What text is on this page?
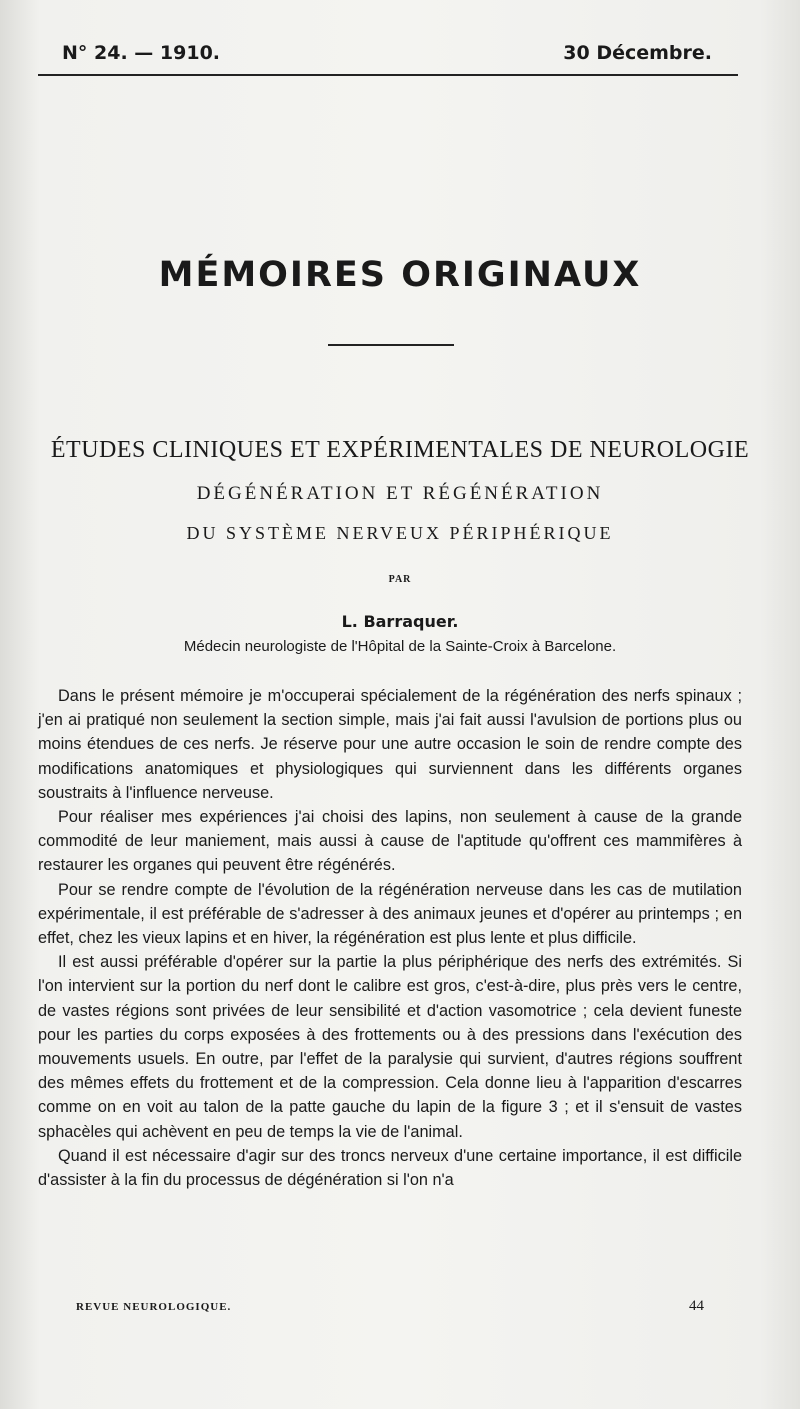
N° 24. — 1910.	30 Décembre.
MÉMOIRES ORIGINAUX
ÉTUDES CLINIQUES ET EXPÉRIMENTALES DE NEUROLOGIE
DÉGÉNÉRATION ET RÉGÉNÉRATION
DU SYSTÈME NERVEUX PÉRIPHÉRIQUE
PAR
L. Barraquer.
Médecin neurologiste de l'Hôpital de la Sainte-Croix à Barcelone.

Dans le présent mémoire je m'occuperai spécialement de la régénération des nerfs spinaux ; j'en ai pratiqué non seulement la section simple, mais j'ai fait aussi l'avulsion de portions plus ou moins étendues de ces nerfs. Je réserve pour une autre occasion le soin de rendre compte des modifications anatomiques et physiologiques qui surviennent dans les différents organes soustraits à l'influence nerveuse.

Pour réaliser mes expériences j'ai choisi des lapins, non seulement à cause de la grande commodité de leur maniement, mais aussi à cause de l'aptitude qu'offrent ces mammifères à restaurer les organes qui peuvent être régénérés.

Pour se rendre compte de l'évolution de la régénération nerveuse dans les cas de mutilation expérimentale, il est préférable de s'adresser à des animaux jeunes et d'opérer au printemps ; en effet, chez les vieux lapins et en hiver, la régénération est plus lente et plus difficile.

Il est aussi préférable d'opérer sur la partie la plus périphérique des nerfs des extrémités. Si l'on intervient sur la portion du nerf dont le calibre est gros, c'est-à-dire, plus près vers le centre, de vastes régions sont privées de leur sensibilité et d'action vasomotrice ; cela devient funeste pour les parties du corps exposées à des frottements ou à des pressions dans l'exécution des mouvements usuels. En outre, par l'effet de la paralysie qui survient, d'autres régions souffrent des mêmes effets du frottement et de la compression. Cela donne lieu à l'apparition d'escarres comme on en voit au talon de la patte gauche du lapin de la figure 3 ; et il s'ensuit de vastes sphacèles qui achèvent en peu de temps la vie de l'animal.

Quand il est nécessaire d'agir sur des troncs nerveux d'une certaine importance, il est difficile d'assister à la fin du processus de dégénération si l'on n'a

REVUE NEUROLOGIQUE.	44
